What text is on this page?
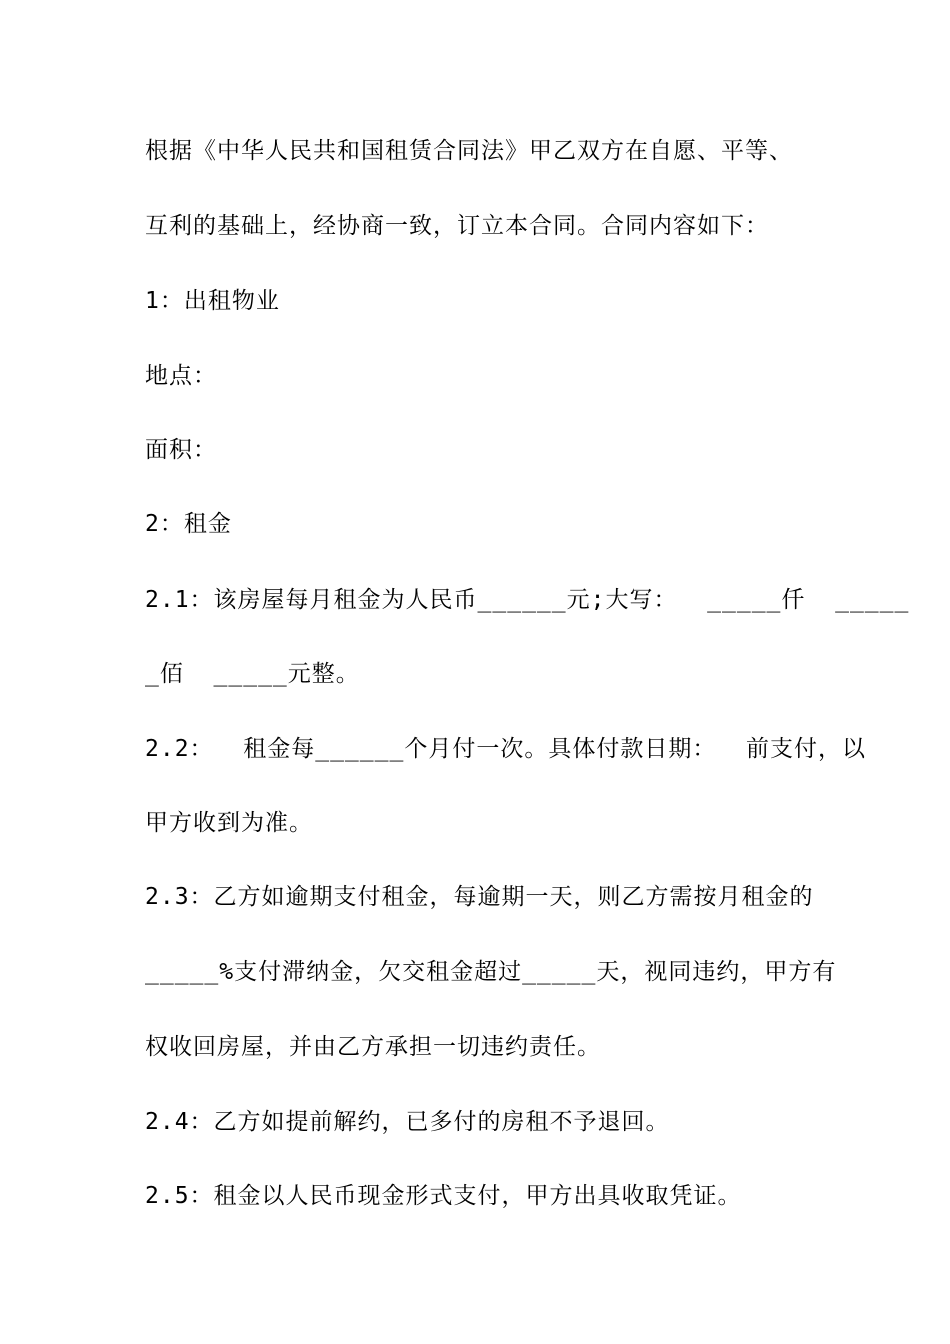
根据《中华人民共和国租赁合同法》甲乙双方在自愿、平等、
互利的基础上，经协商一致，订立本合同。合同内容如下：
1：出租物业
地点：
面积：
2：租金
2.1：该房屋每月租金为人民币______元;大写：  _____仟  _____
_佰  _____元整。
2.2：  租金每______个月付一次。具体付款日期：  前支付，以
甲方收到为准。
2.3：乙方如逾期支付租金，每逾期一天，则乙方需按月租金的
_____%支付滞纳金，欠交租金超过_____天，视同违约，甲方有
权收回房屋，并由乙方承担一切违约责任。
2.4：乙方如提前解约，已多付的房租不予退回。
2.5：租金以人民币现金形式支付，甲方出具收取凭证。
